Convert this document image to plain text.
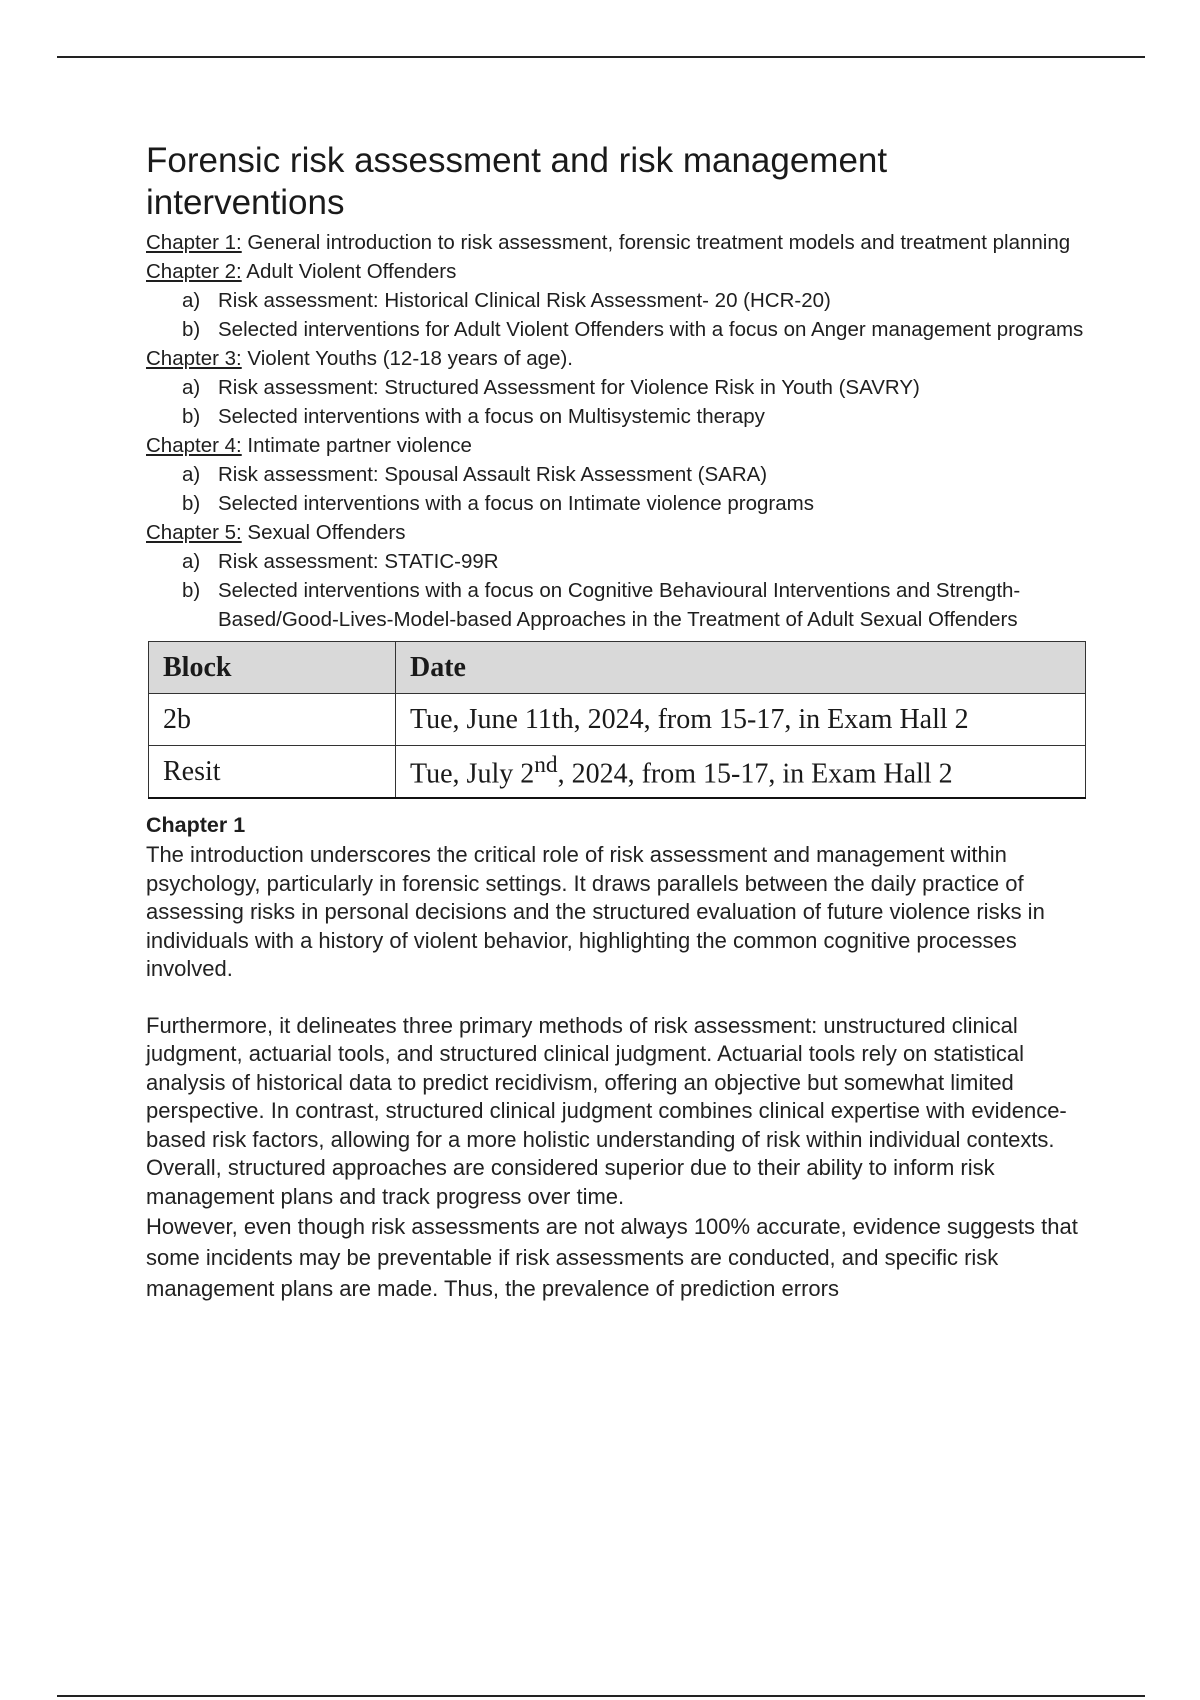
Forensic risk assessment and risk management interventions
Chapter 1: General introduction to risk assessment, forensic treatment models and treatment planning
Chapter 2: Adult Violent Offenders
a) Risk assessment: Historical Clinical Risk Assessment- 20 (HCR-20)
b) Selected interventions for Adult Violent Offenders with a focus on Anger management programs
Chapter 3: Violent Youths (12-18 years of age).
a) Risk assessment: Structured Assessment for Violence Risk in Youth (SAVRY)
b) Selected interventions with a focus on Multisystemic therapy
Chapter 4: Intimate partner violence
a) Risk assessment: Spousal Assault Risk Assessment (SARA)
b) Selected interventions with a focus on Intimate violence programs
Chapter 5: Sexual Offenders
a) Risk assessment: STATIC-99R
b) Selected interventions with a focus on Cognitive Behavioural Interventions and Strength-Based/Good-Lives-Model-based Approaches in the Treatment of Adult Sexual Offenders
Block	Date
2b	Tue, June 11th, 2024, from 15-17, in Exam Hall 2
Resit	Tue, July 2nd, 2024, from 15-17, in Exam Hall 2
Chapter 1

The introduction underscores the critical role of risk assessment and management within psychology, particularly in forensic settings. It draws parallels between the daily practice of assessing risks in personal decisions and the structured evaluation of future violence risks in individuals with a history of violent behavior, highlighting the common cognitive processes involved.

Furthermore, it delineates three primary methods of risk assessment: unstructured clinical judgment, actuarial tools, and structured clinical judgment. Actuarial tools rely on statistical analysis of historical data to predict recidivism, offering an objective but somewhat limited perspective. In contrast, structured clinical judgment combines clinical expertise with evidence-based risk factors, allowing for a more holistic understanding of risk within individual contexts. Overall, structured approaches are considered superior due to their ability to inform risk management plans and track progress over time.

However, even though risk assessments are not always 100% accurate, evidence suggests that some incidents may be preventable if risk assessments are conducted, and specific risk management plans are made. Thus, the prevalence of prediction errors
